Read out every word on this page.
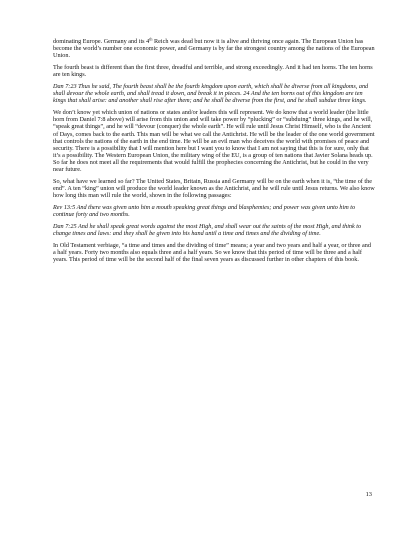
dominating Europe. Germany and its 4th Reich was dead but now it is alive and thriving once again. The European Union has become the world’s number one economic power, and Germany is by far the strongest country among the nations of the European Union.

The fourth beast is different than the first three, dreadful and terrible, and strong exceedingly. And it had ten horns. The ten horns are ten kings.

Dan 7:23 Thus he said, The fourth beast shall be the fourth kingdom upon earth, which shall be diverse from all kingdoms, and shall devour the whole earth, and shall tread it down, and break it in pieces. 24 And the ten horns out of this kingdom are ten kings that shall arise: and another shall rise after them; and he shall be diverse from the first, and he shall subdue three kings.

We don’t know yet which union of nations or states and/or leaders this will represent. We do know that a world leader (the little horn from Daniel 7:8 above) will arise from this union and will take power by “plucking” or “subduing” three kings, and he will, “speak great things”, and he will “devour (conquer) the whole earth”. He will rule until Jesus Christ Himself, who is the Ancient of Days, comes back to the earth. This man will be what we call the Antichrist. He will be the leader of the one world government that controls the nations of the earth in the end time. He will be an evil man who deceives the world with promises of peace and security. There is a possibility that I will mention here but I want you to know that I am not saying that this is for sure, only that it’s a possibility. The Western European Union, the military wing of the EU, is a group of ten nations that Javier Solana heads up. So far he does not meet all the requirements that would fulfill the prophecies concerning the Antichrist, but he could in the very near future.

So, what have we learned so far? The United States, Britain, Russia and Germany will be on the earth when it is, “the time of the end”. A ten “king” union will produce the world leader known as the Antichrist, and he will rule until Jesus returns. We also know how long this man will rule the world, shown in the following passages:

Rev 13:5 And there was given unto him a mouth speaking great things and blasphemies; and power was given unto him to continue forty and two months.

Dan 7:25 And he shall speak great words against the most High, and shall wear out the saints of the most High, and think to change times and laws: and they shall be given into his hand until a time and times and the dividing of time.

In Old Testament verbiage, “a time and times and the dividing of time” means; a year and two years and half a year, or three and a half years. Forty two months also equals three and a half years. So we know that this period of time will be three and a half years. This period of time will be the second half of the final seven years as discussed further in other chapters of this book.

13
